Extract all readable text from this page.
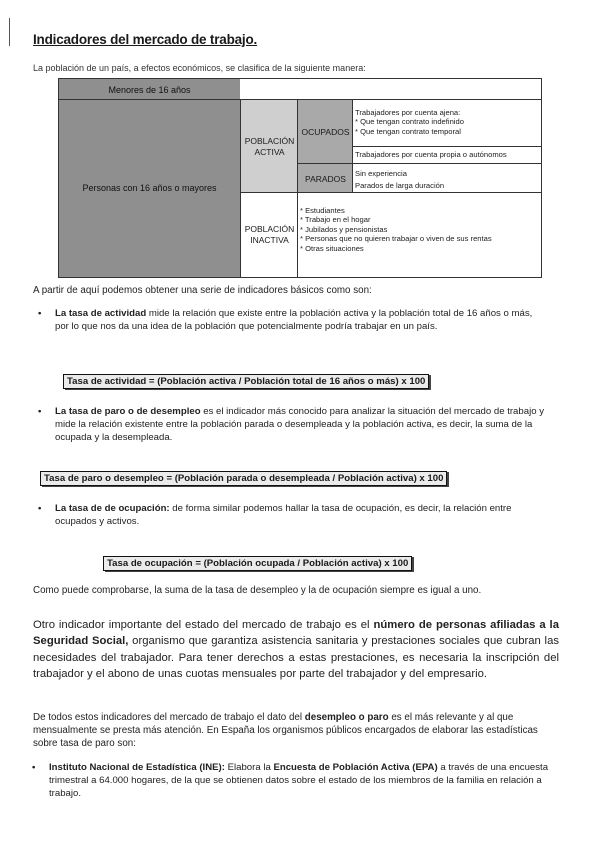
Indicadores del mercado de trabajo.
La población de un país, a efectos económicos, se clasifica de la siguiente manera:
Menores de 16 años
Personas con 16 años o mayores
POBLACIÓN ACTIVA
POBLACIÓN INACTIVA
OCUPADOS
PARADOS
Trabajadores por cuenta ajena:
* Que tengan contrato indefinido
* Que tengan contrato temporal
Trabajadores por cuenta propia o autónomos
Sin experiencia
Parados de larga duración
* Estudiantes
* Trabajo en el hogar
* Jubilados y pensionistas
* Personas que no quieren trabajar o viven de sus rentas
* Otras situaciones
A partir de aquí podemos obtener una serie de indicadores básicos como son:
• La tasa de actividad mide la relación que existe entre la población activa y la población total de 16 años o más, por lo que nos da una idea de la población que potencialmente podría trabajar en un país.
Tasa de actividad = (Población activa / Población total de 16 años o más) x 100
• La tasa de paro o de desempleo es el indicador más conocido para analizar la situación del mercado de trabajo y mide la relación existente entre la población parada o desempleada y la población activa, es decir, la suma de la ocupada y la desempleada.
Tasa de paro o desempleo = (Población parada o desempleada / Población activa) x 100
• La tasa de de ocupación: de forma similar podemos hallar la tasa de ocupación, es decir, la relación entre ocupados y activos.
Tasa de ocupación = (Población ocupada / Población activa) x 100
Como puede comprobarse, la suma de la tasa de desempleo y la de ocupación siempre es igual a uno.
Otro indicador importante del estado del mercado de trabajo es el número de personas afiliadas a la Seguridad Social, organismo que garantiza asistencia sanitaria y prestaciones sociales que cubran las necesidades del trabajador. Para tener derechos a estas prestaciones, es necesaria la inscripción del trabajador y el abono de unas cuotas mensuales por parte del trabajador y del empresario.
De todos estos indicadores del mercado de trabajo el dato del desempleo o paro es el más relevante y al que mensualmente se presta más atención. En España los organismos públicos encargados de elaborar las estadísticas sobre tasa de paro son:
• Instituto Nacional de Estadística (INE): Elabora la Encuesta de Población Activa (EPA) a través de una encuesta trimestral a 64.000 hogares, de la que se obtienen datos sobre el estado de los miembros de la familia en relación a trabajo.
